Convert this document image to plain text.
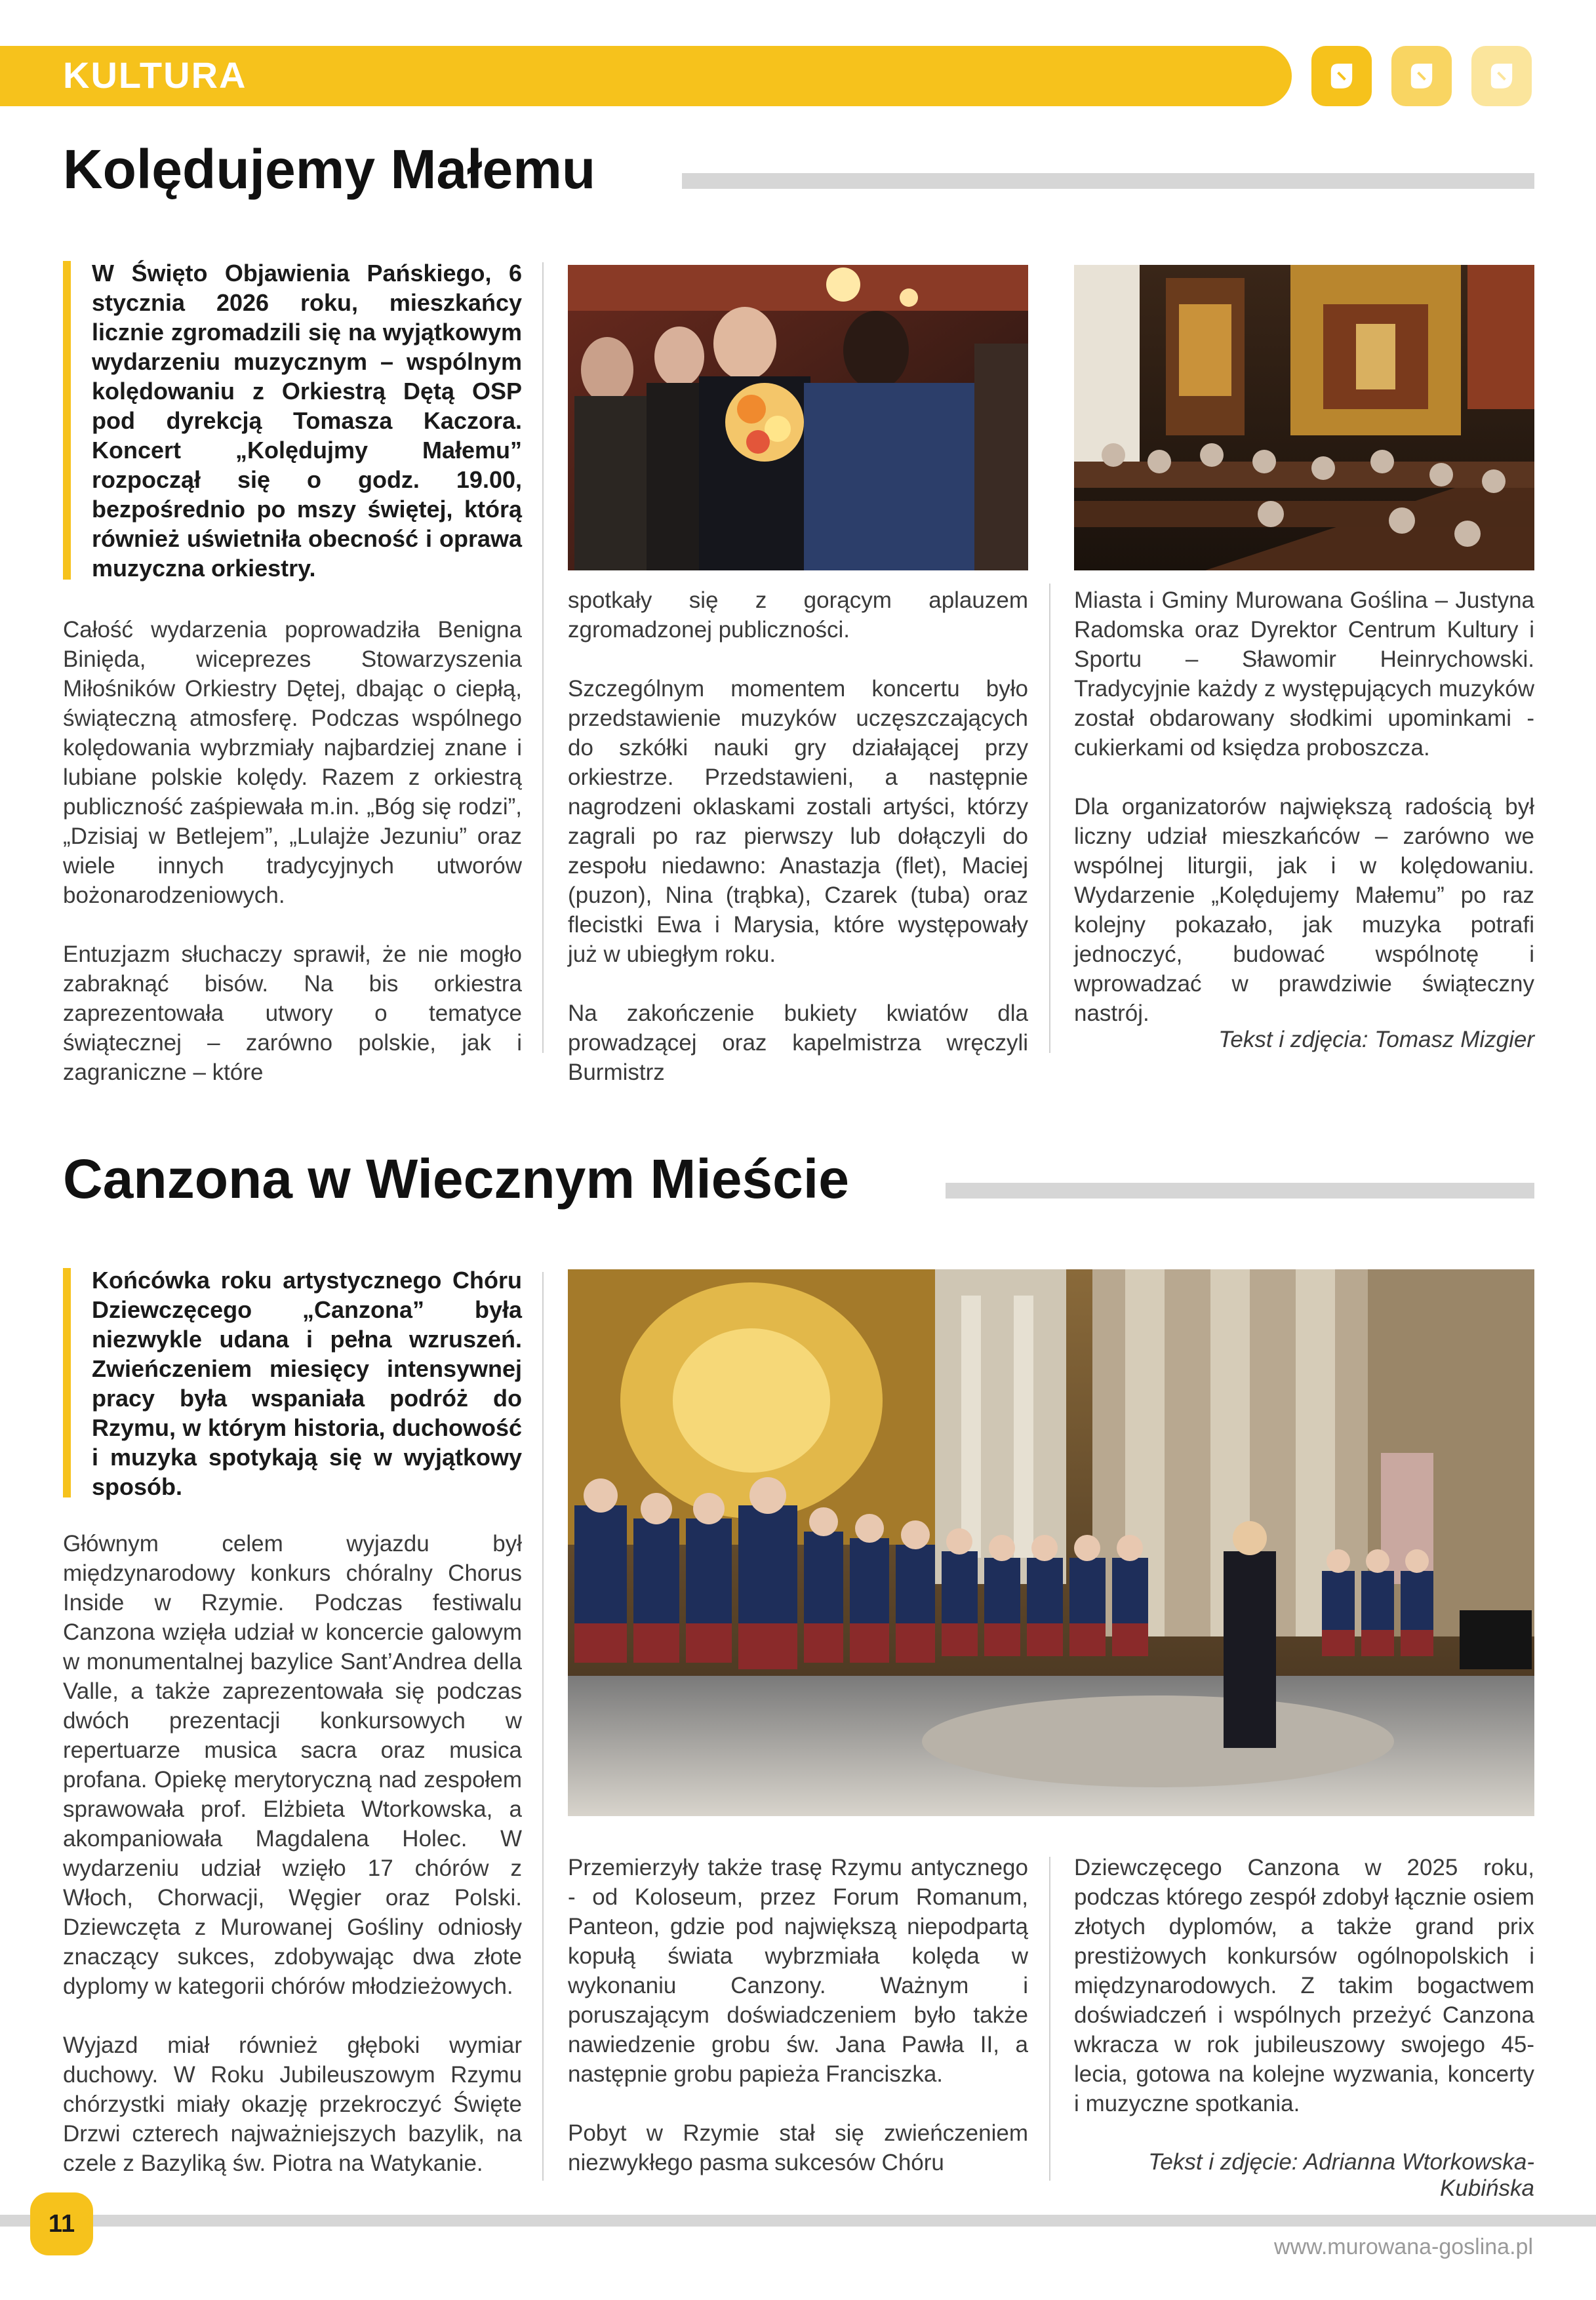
KULTURA
Kolędujemy Małemu
W Święto Objawienia Pańskiego, 6 stycznia 2026 roku, mieszkańcy licznie zgromadzili się na wyjątkowym wydarzeniu muzycznym – wspólnym kolędowaniu z Orkiestrą Dętą OSP pod dyrekcją Tomasza Kaczora. Koncert „Kolędujmy Małemu” rozpoczął się o godz. 19.00, bezpośrednio po mszy świętej, którą również uświetniła obecność i oprawa muzyczna orkiestry.

Całość wydarzenia poprowadziła Benigna Binięda, wiceprezes Stowarzyszenia Miłośników Orkiestry Dętej, dbając o ciepłą, świąteczną atmosferę. Podczas wspólnego kolędowania wybrzmiały najbardziej znane i lubiane polskie kolędy. Razem z orkiestrą publiczność zaśpiewała m.in. „Bóg się rodzi”, „Dzisiaj w Betlejem”, „Lulajże Jezuniu” oraz wiele innych tradycyjnych utworów bożonarodzeniowych.

Entuzjazm słuchaczy sprawił, że nie mogło zabraknąć bisów. Na bis orkiestra zaprezentowała utwory o tematyce świątecznej – zarówno polskie, jak i zagraniczne – które

spotkały się z gorącym aplauzem zgromadzonej publiczności.

Szczególnym momentem koncertu było przedstawienie muzyków uczęszczających do szkółki nauki gry działającej przy orkiestrze. Przedstawieni, a następnie nagrodzeni oklaskami zostali artyści, którzy zagrali po raz pierwszy lub dołączyli do zespołu niedawno: Anastazja (flet), Maciej (puzon), Nina (trąbka), Czarek (tuba) oraz flecistki Ewa i Marysia, które występowały już w ubiegłym roku.

Na zakończenie bukiety kwiatów dla prowadzącej oraz kapelmistrza wręczyli Burmistrz

Miasta i Gminy Murowana Goślina – Justyna Radomska oraz Dyrektor Centrum Kultury i Sportu – Sławomir Heinrychowski. Tradycyjnie każdy z występujących muzyków został obdarowany słodkimi upominkami - cukierkami od księdza proboszcza.

Dla organizatorów największą radością był liczny udział mieszkańców – zarówno we wspólnej liturgii, jak i w kolędowaniu. Wydarzenie „Kolędujemy Małemu” po raz kolejny pokazało, jak muzyka potrafi jednoczyć, budować wspólnotę i wprowadzać w prawdziwie świąteczny nastrój.

Tekst i zdjęcia: Tomasz Mizgier
Canzona w Wiecznym Mieście
Końcówka roku artystycznego Chóru Dziewczęcego „Canzona” była niezwykle udana i pełna wzruszeń. Zwieńczeniem miesięcy intensywnej pracy była wspaniała podróż do Rzymu, w którym historia, duchowość i muzyka spotykają się w wyjątkowy sposób.

Głównym celem wyjazdu był międzynarodowy konkurs chóralny Chorus Inside w Rzymie. Podczas festiwalu Canzona wzięła udział w koncercie galowym w monumentalnej bazylice Sant’Andrea della Valle, a także zaprezentowała się podczas dwóch prezentacji konkursowych w repertuarze musica sacra oraz musica profana. Opiekę merytoryczną nad zespołem sprawowała prof. Elżbieta Wtorkowska, a akompaniowała Magdalena Holec. W wydarzeniu udział wzięło 17 chórów z Włoch, Chorwacji, Węgier oraz Polski. Dziewczęta z Murowanej Gośliny odniosły znaczący sukces, zdobywając dwa złote dyplomy w kategorii chórów młodzieżowych.

Wyjazd miał również głęboki wymiar duchowy. W Roku Jubileuszowym Rzymu chórzystki miały okazję przekroczyć Święte Drzwi czterech najważniejszych bazylik, na czele z Bazyliką św. Piotra na Watykanie.

Przemierzyły także trasę Rzymu antycznego - od Koloseum, przez Forum Romanum, Panteon, gdzie pod największą niepodpartą kopułą świata wybrzmiała kolęda w wykonaniu Canzony. Ważnym i poruszającym doświadczeniem było także nawiedzenie grobu św. Jana Pawła II, a następnie grobu papieża Franciszka.

Pobyt w Rzymie stał się zwieńczeniem niezwykłego pasma sukcesów Chóru

Dziewczęcego Canzona w 2025 roku, podczas którego zespół zdobył łącznie osiem złotych dyplomów, a także grand prix prestiżowych konkursów ogólnopolskich i międzynarodowych. Z takim bogactwem doświadczeń i wspólnych przeżyć Canzona wkracza w rok jubileuszowy swojego 45-lecia, gotowa na kolejne wyzwania, koncerty i muzyczne spotkania.

Tekst i zdjęcie: Adrianna Wtorkowska-Kubińska
11
www.murowana-goslina.pl
